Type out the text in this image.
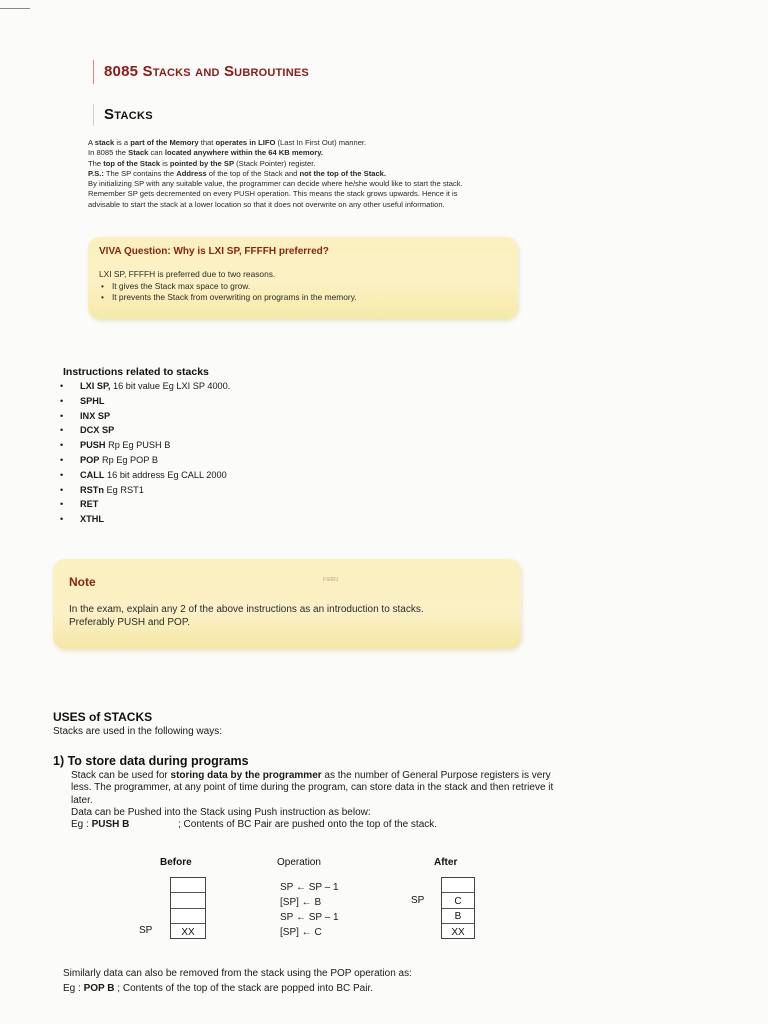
8085 Stacks and Subroutines
Stacks

A stack is a part of the Memory that operates in LIFO (Last In First Out) manner.

In 8085 the Stack can located anywhere within the 64 KB memory.

The top of the Stack is pointed by the SP (Stack Pointer) register.

P.S.: The SP contains the Address of the top of the Stack and not the top of the Stack.

By initializing SP with any suitable value, the programmer can decide where he/she would like to start the stack.

Remember SP gets decremented on every PUSH operation. This means the stack grows upwards. Hence it is

advisable to start the stack at a lower location so that it does not overwrite on any other useful information.

VIVA Question: Why is LXI SP, FFFFH preferred?
LXI SP, FFFFH is preferred due to two reasons.
• It gives the Stack max space to grow.
• It prevents the Stack from overwriting on programs in the memory.
Instructions related to stacks
• LXI SP, 16 bit value Eg LXI SP 4000.
• SPHL
• INX SP
• DCX SP
• PUSH Rp Eg PUSH B
• POP Rp Eg POP B
• CALL 16 bit address Eg CALL 2000
• RSTn Eg RST1
• RET
• XTHL
Note	FS0RJ
In the exam, explain any 2 of the above instructions as an introduction to stacks.
Preferably PUSH and POP.
USES of STACKS
Stacks are used in the following ways:
1) To store data during programs
Stack can be used for storing data by the programmer as the number of General Purpose registers is very
less. The programmer, at any point of time during the program, can store data in the stack and then retrieve it
later.
Data can be Pushed into the Stack using Push instruction as below:
Eg : PUSH B	; Contents of BC Pair are pushed onto the top of the stack.
Before	Operation	After
XX
SP
SP ← SP – 1
[SP] ← B
SP ← SP – 1
[SP] ← C
C
B
XX
SP
Similarly data can also be removed from the stack using the POP operation as:
Eg : POP B ; Contents of the top of the stack are popped into BC Pair.
